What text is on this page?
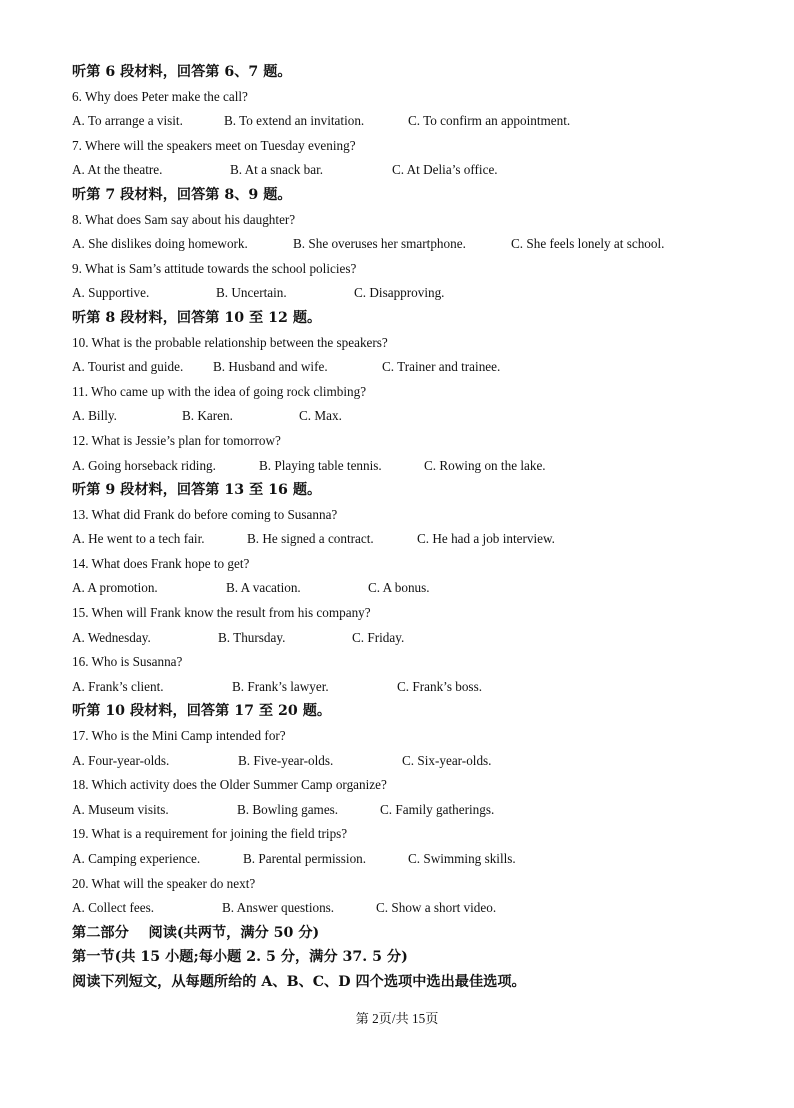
听第 6 段材料，回答第 6、7 题。
6. Why does Peter make the call?
A. To arrange a visit.	B. To extend an invitation.	C. To confirm an appointment.
7. Where will the speakers meet on Tuesday evening?
A. At the theatre.	B. At a snack bar.	C. At Delia’s office.
听第 7 段材料，回答第 8、9 题。
8. What does Sam say about his daughter?
A. She dislikes doing homework.	B. She overuses her smartphone.	C. She feels lonely at school.
9. What is Sam’s attitude towards the school policies?
A. Supportive.	B. Uncertain.	C. Disapproving.
听第 8 段材料，回答第 10 至 12 题。
10. What is the probable relationship between the speakers?
A. Tourist and guide. B. Husband and wife.	C. Trainer and trainee.
11. Who came up with the idea of going rock climbing?
A. Billy.	B. Karen.	C. Max.
12. What is Jessie’s plan for tomorrow?
A. Going horseback riding.	B. Playing table tennis.	C. Rowing on the lake.
听第 9 段材料，回答第 13 至 16 题。
13. What did Frank do before coming to Susanna?
A. He went to a tech fair.	B. He signed a contract.	C. He had a job interview.
14. What does Frank hope to get?
A. A promotion.	B. A vacation.	C. A bonus.
15. When will Frank know the result from his company?
A. Wednesday.	B. Thursday.	C. Friday.
16. Who is Susanna?
A. Frank’s client.	B. Frank’s lawyer.	C. Frank’s boss.
听第 10 段材料，回答第 17 至 20 题。
17. Who is the Mini Camp intended for?
A. Four-year-olds.	B. Five-year-olds.	C. Six-year-olds.
18. Which activity does the Older Summer Camp organize?
A. Museum visits.	B. Bowling games.	C. Family gatherings.
19. What is a requirement for joining the field trips?
A. Camping experience.	B. Parental permission.	C. Swimming skills.
20. What will the speaker do next?
A. Collect fees.	B. Answer questions.	C. Show a short video.
第二部分    阅读(共两节，满分 50 分)
第一节(共 15 小题;每小题 2. 5 分，满分 37. 5 分)
阅读下列短文，从每题所给的 A、B、C、D 四个选项中选出最佳选项。
第 2页/共 15页
